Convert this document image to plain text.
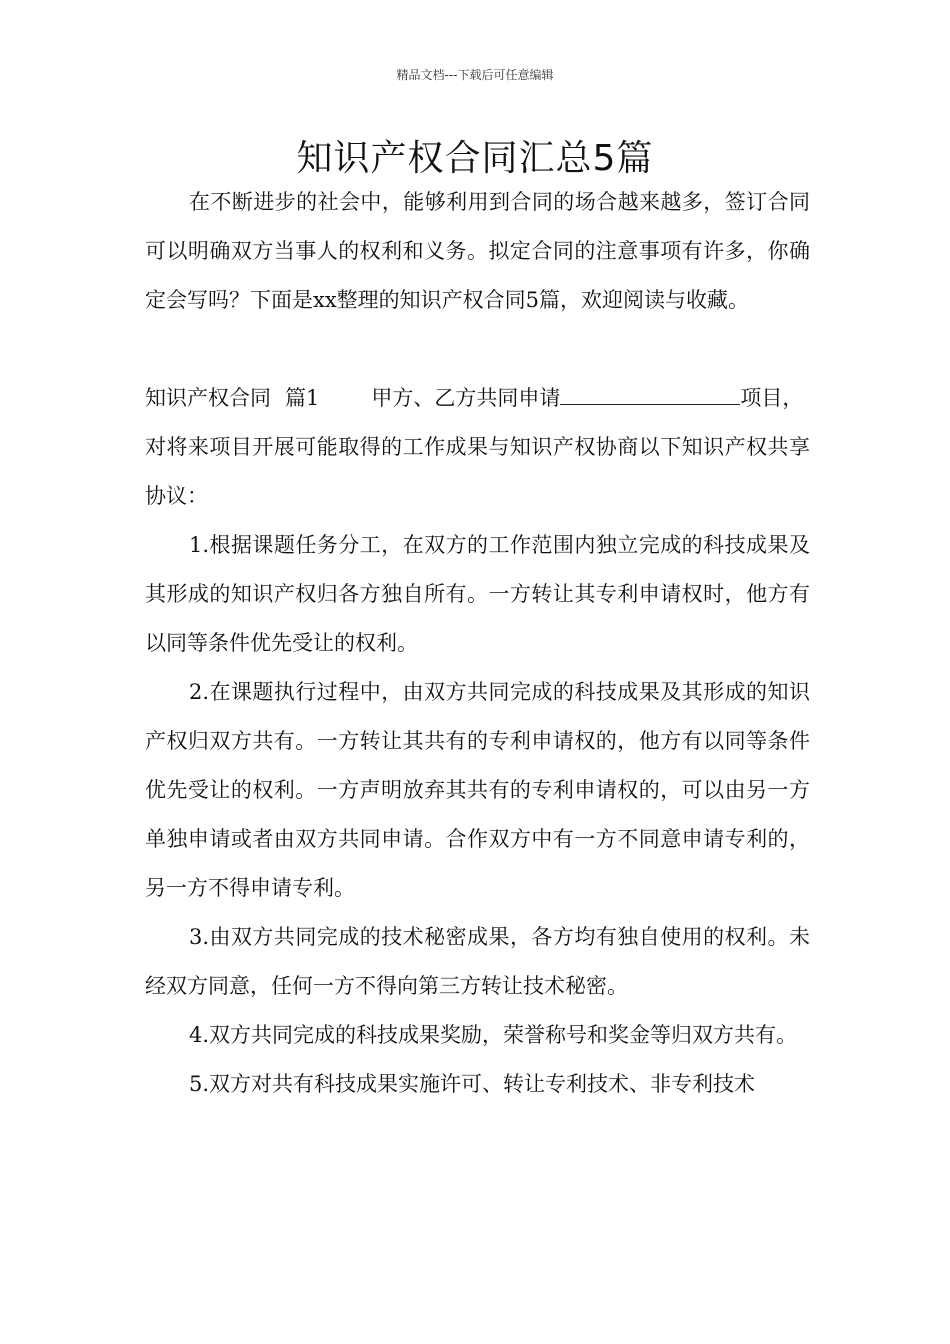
精品文档---下载后可任意编辑
知识产权合同汇总5篇

在不断进步的社会中，能够利用到合同的场合越来越多，签订合同可以明确双方当事人的权利和义务。拟定合同的注意事项有许多，你确定会写吗？下面是xx整理的知识产权合同5篇，欢迎阅读与收藏。

知识产权合同 篇1 甲方、乙方共同申请	项目，

对将来项目开展可能取得的工作成果与知识产权协商以下知识产权共享协议：

1.根据课题任务分工，在双方的工作范围内独立完成的科技成果及其形成的知识产权归各方独自所有。一方转让其专利申请权时，他方有以同等条件优先受让的权利。

2.在课题执行过程中，由双方共同完成的科技成果及其形成的知识产权归双方共有。一方转让其共有的专利申请权的，他方有以同等条件优先受让的权利。一方声明放弃其共有的专利申请权的，可以由另一方单独申请或者由双方共同申请。合作双方中有一方不同意申请专利的，另一方不得申请专利。

3.由双方共同完成的技术秘密成果，各方均有独自使用的权利。未经双方同意，任何一方不得向第三方转让技术秘密。

4.双方共同完成的科技成果奖励，荣誉称号和奖金等归双方共有。

5.双方对共有科技成果实施许可、转让专利技术、非专利技术
